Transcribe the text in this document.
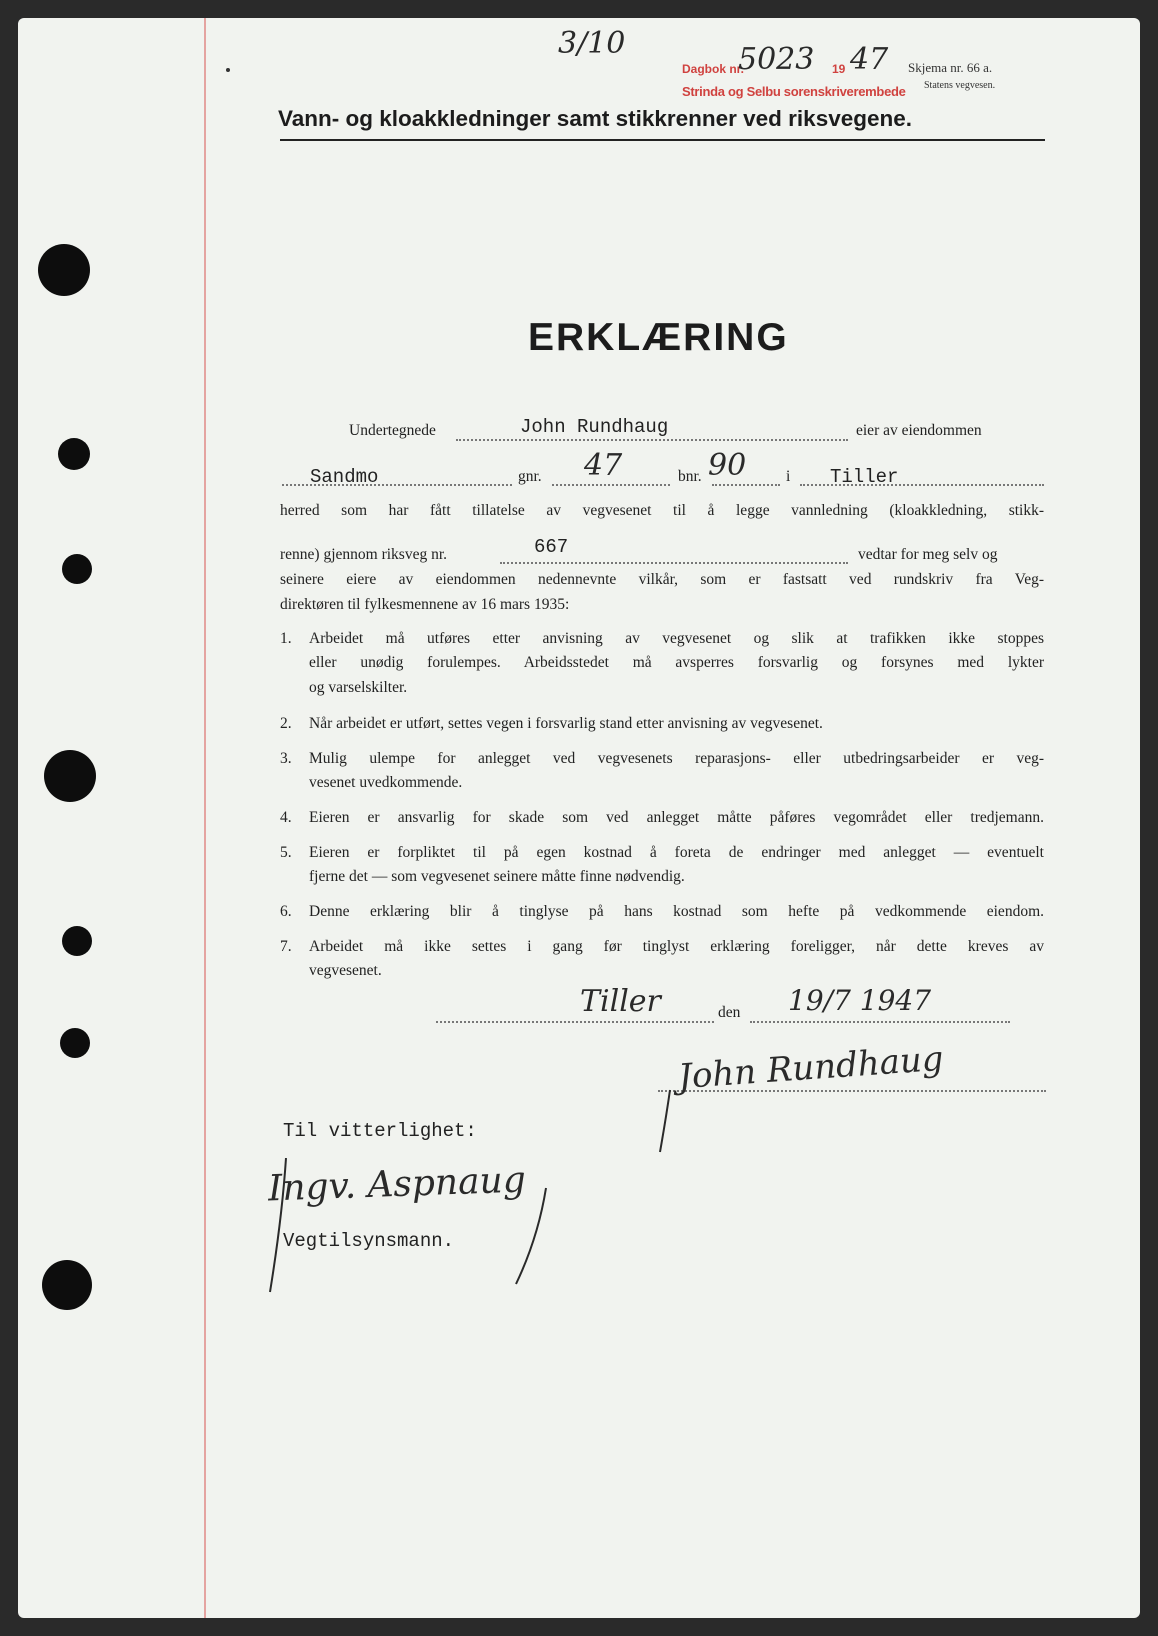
3/10
Dagbok nr.
5023 19 47
Strinda og Selbu sorenskriverembede
Skjema nr. 66 a.
Statens vegvesen.
Vann- og kloakkledninger samt stikkrenner ved riksvegene.
ERKLÆRING
Undertegnede	John Rundhaug	eier av eiendommen
Sandmo	gnr. 47	bnr. 90	i Tiller
herred som har fått tillatelse av vegvesenet til å legge vannledning (kloakkledning, stikk-
renne) gjennom riksveg nr.	667	vedtar for meg selv og
seinere eiere av eiendommen nedennevnte vilkår, som er fastsatt ved rundskriv fra Veg-
direktøren til fylkesmennene av 16 mars 1935:
1. Arbeidet må utføres etter anvisning av vegvesenet og slik at trafikken ikke stoppes
eller unødig forulempes. Arbeidsstedet må avsperres forsvarlig og forsynes med lykter
og varselskilter.
2. Når arbeidet er utført, settes vegen i forsvarlig stand etter anvisning av vegvesenet.
3. Mulig ulempe for anlegget ved vegvesenets reparasjons- eller utbedringsarbeider er veg-
vesenet uvedkommende.
4. Eieren er ansvarlig for skade som ved anlegget måtte påføres vegområdet eller tredjemann.
5. Eieren er forpliktet til på egen kostnad å foreta de endringer med anlegget — eventuelt
fjerne det — som vegvesenet seinere måtte finne nødvendig.
6. Denne erklæring blir å tinglyse på hans kostnad som hefte på vedkommende eiendom.
7. Arbeidet må ikke settes i gang før tinglyst erklæring foreligger, når dette kreves av
vegvesenet.
Tiller	den 19/7 1947
John Rundhaug
Til vitterlighet:
Ingv. Aspnaug
Vegtilsynsmann.
